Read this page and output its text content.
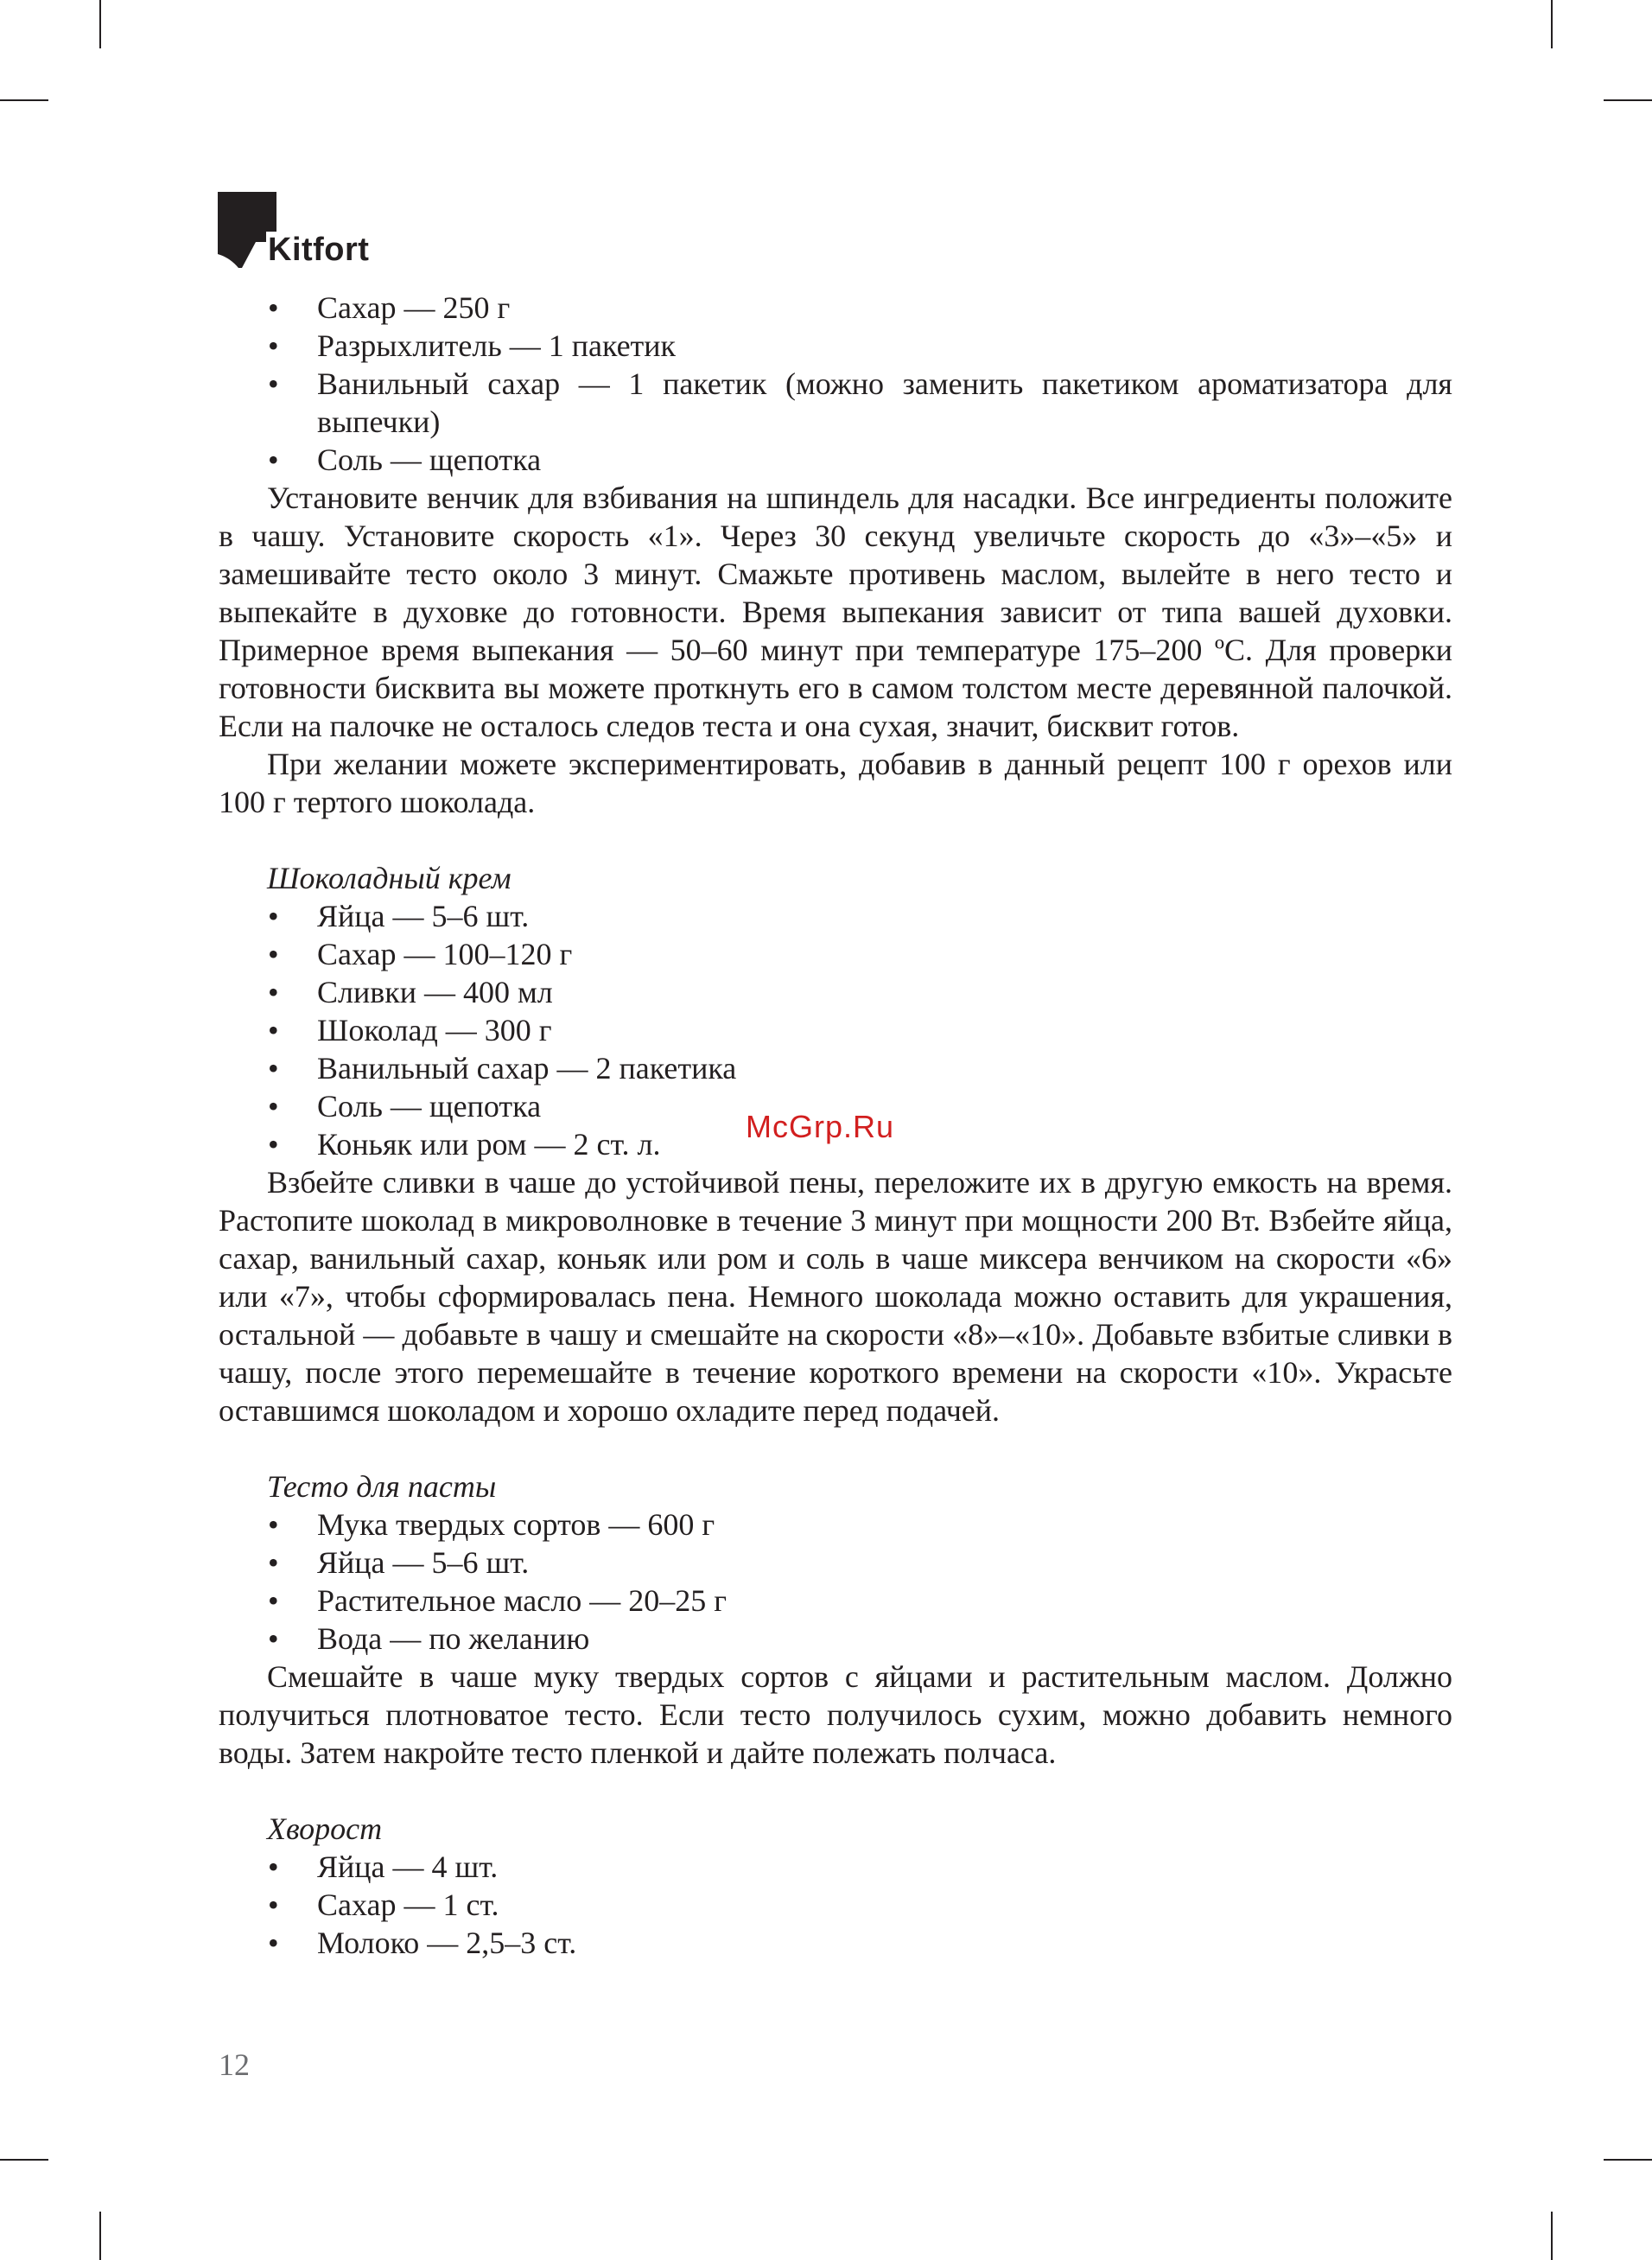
Kitfort
• Сахар — 250 г
• Разрыхлитель — 1 пакетик
• Ванильный сахар — 1 пакетик (можно заменить пакетиком ароматизатора для выпечки)
• Соль — щепотка

Установите венчик для взбивания на шпиндель для насадки. Все ингредиенты положите в чашу. Установите скорость «1». Через 30 секунд увеличьте скорость до «3»–«5» и замешивайте тесто около 3 минут. Смажьте противень маслом, вылейте в него тесто и выпекайте в духовке до готовности. Время выпекания зависит от типа вашей духовки. Примерное время выпекания — 50–60 минут при температуре 175–200 ºС. Для проверки готовности бисквита вы можете проткнуть его в самом толстом месте деревянной палочкой. Если на палочке не осталось следов теста и она сухая, значит, бисквит готов.

При желании можете экспериментировать, добавив в данный рецепт 100 г орехов или 100 г тертого шоколада.

Шоколадный крем
• Яйца — 5–6 шт.
• Сахар — 100–120 г
• Сливки — 400 мл
• Шоколад — 300 г
• Ванильный сахар — 2 пакетика
• Соль — щепотка
• Коньяк или ром — 2 ст. л.

Взбейте сливки в чаше до устойчивой пены, переложите их в другую емкость на время. Растопите шоколад в микроволновке в течение 3 минут при мощности 200 Вт. Взбейте яйца, сахар, ванильный сахар, коньяк или ром и соль в чаше миксера венчиком на скорости «6» или «7», чтобы сформировалась пена. Немного шоколада можно оставить для украшения, остальной — добавьте в чашу и смешайте на скорости «8»–«10». Добавьте взбитые сливки в чашу, после этого перемешайте в течение короткого времени на скорости «10». Украсьте оставшимся шоколадом и хорошо охладите перед подачей.

Тесто для пасты
• Мука твердых сортов — 600 г
• Яйца — 5–6 шт.
• Растительное масло — 20–25 г
• Вода — по желанию

Смешайте в чаше муку твердых сортов с яйцами и растительным маслом. Должно получиться плотноватое тесто. Если тесто получилось сухим, можно добавить немного воды. Затем накройте тесто пленкой и дайте полежать полчаса.

Хворост
• Яйца — 4 шт.
• Сахар — 1 ст.
• Молоко — 2,5–3 ст.
McGrp.Ru
12
